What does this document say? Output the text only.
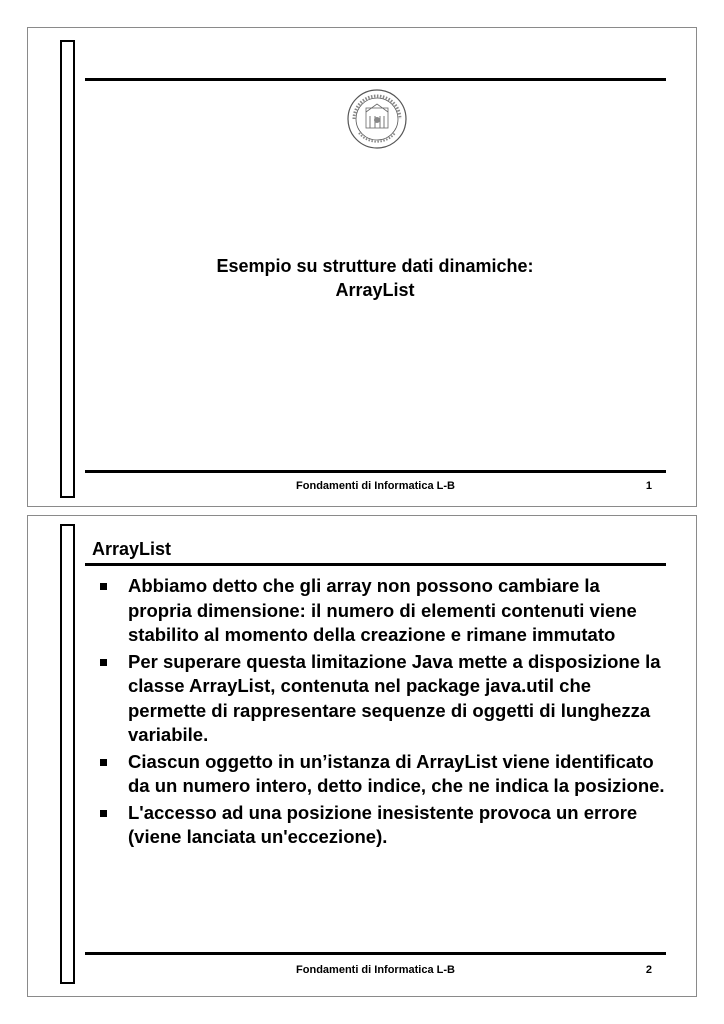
Esempio su strutture dati dinamiche:
ArrayList
Fondamenti di Informatica L-B	1
ArrayList
Abbiamo detto che gli array non possono cambiare la propria dimensione: il numero di elementi contenuti viene stabilito al momento della creazione e rimane immutato
Per superare questa limitazione Java mette a disposizione la classe ArrayList, contenuta nel package java.util che permette di rappresentare sequenze di oggetti di lunghezza variabile.
Ciascun oggetto in un’istanza di ArrayList viene identificato da un numero intero, detto indice, che ne indica la posizione.
L'accesso ad una posizione inesistente provoca un errore (viene lanciata un'eccezione).
Fondamenti di Informatica L-B	2
